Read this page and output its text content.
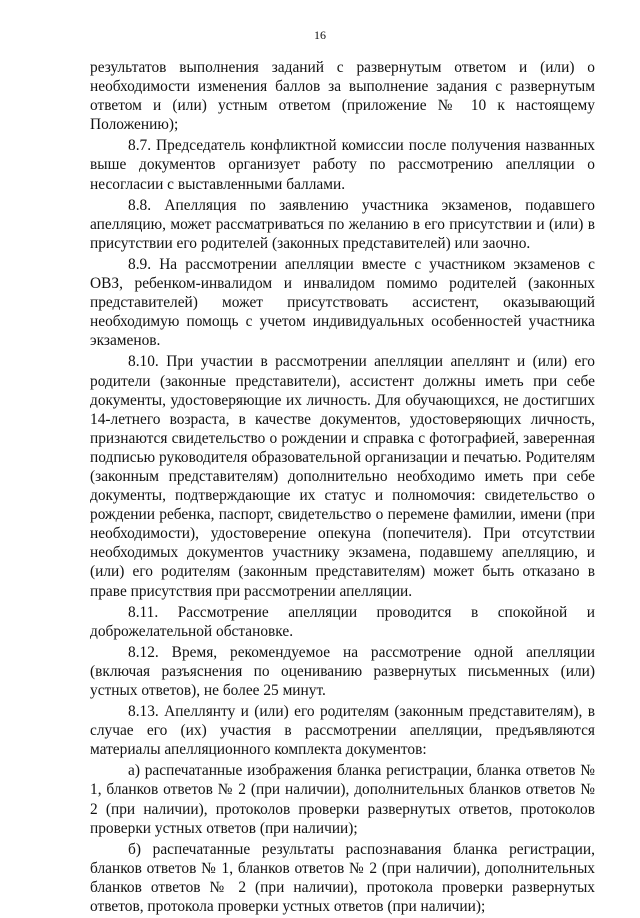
16

результатов выполнения заданий с развернутым ответом и (или) о необходимости изменения баллов за выполнение задания с развернутым ответом и (или) устным ответом (приложение № 10 к настоящему Положению);

8.7. Председатель конфликтной комиссии после получения названных выше документов организует работу по рассмотрению апелляции о несогласии с выставленными баллами.

8.8. Апелляция по заявлению участника экзаменов, подавшего апелляцию, может рассматриваться по желанию в его присутствии и (или) в присутствии его родителей (законных представителей) или заочно.

8.9. На рассмотрении апелляции вместе с участником экзаменов с ОВЗ, ребенком-инвалидом и инвалидом помимо родителей (законных представителей) может присутствовать ассистент, оказывающий необходимую помощь с учетом индивидуальных особенностей участника экзаменов.

8.10. При участии в рассмотрении апелляции апеллянт и (или) его родители (законные представители), ассистент должны иметь при себе документы, удостоверяющие их личность. Для обучающихся, не достигших 14-летнего возраста, в качестве документов, удостоверяющих личность, признаются свидетельство о рождении и справка с фотографией, заверенная подписью руководителя образовательной организации и печатью. Родителям (законным представителям) дополнительно необходимо иметь при себе документы, подтверждающие их статус и полномочия: свидетельство о рождении ребенка, паспорт, свидетельство о перемене фамилии, имени (при необходимости), удостоверение опекуна (попечителя). При отсутствии необходимых документов участнику экзамена, подавшему апелляцию, и (или) его родителям (законным представителям) может быть отказано в праве присутствия при рассмотрении апелляции.

8.11. Рассмотрение апелляции проводится в спокойной и доброжелательной обстановке.

8.12. Время, рекомендуемое на рассмотрение одной апелляции (включая разъяснения по оцениванию развернутых письменных (или) устных ответов), не более 25 минут.

8.13. Апеллянту и (или) его родителям (законным представителям), в случае его (их) участия в рассмотрении апелляции, предъявляются материалы апелляционного комплекта документов:

а) распечатанные изображения бланка регистрации, бланка ответов № 1, бланков ответов № 2 (при наличии), дополнительных бланков ответов № 2 (при наличии), протоколов проверки развернутых ответов, протоколов проверки устных ответов (при наличии);

б) распечатанные результаты распознавания бланка регистрации, бланков ответов № 1, бланков ответов № 2 (при наличии), дополнительных бланков ответов № 2 (при наличии), протокола проверки развернутых ответов, протокола проверки устных ответов (при наличии);
